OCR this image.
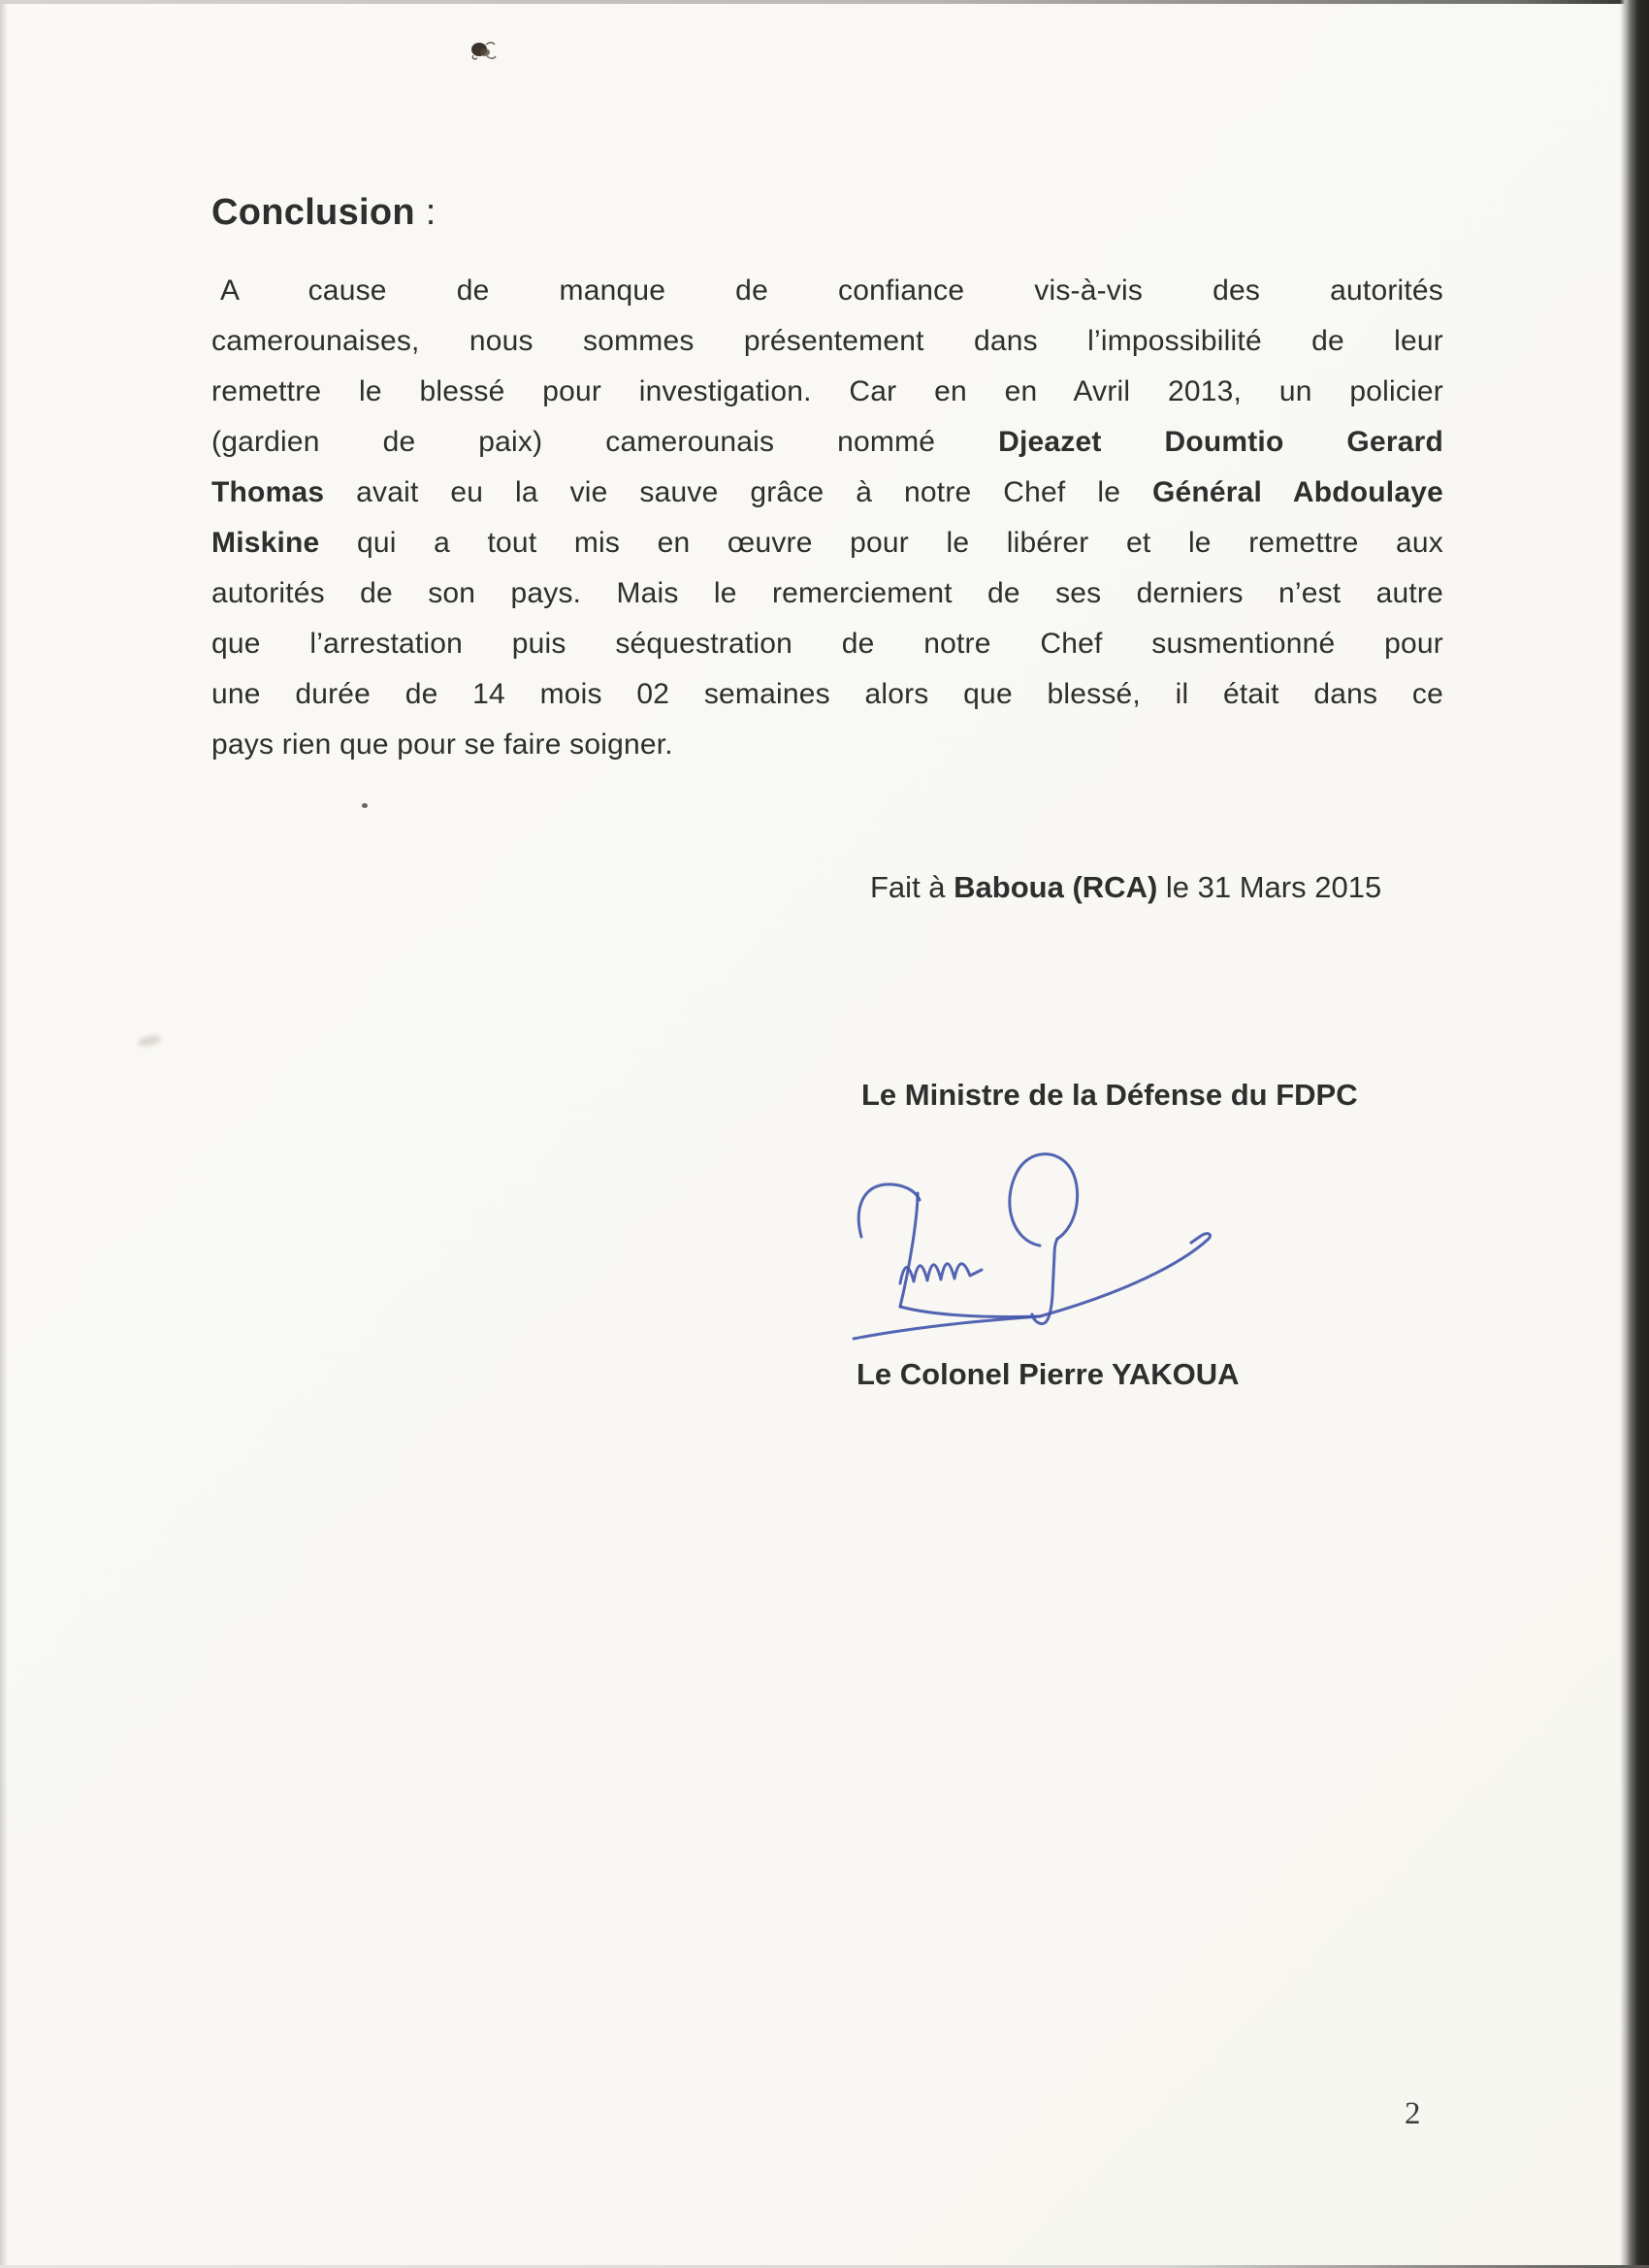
Conclusion :
A cause de manque de confiance vis-à-vis des autorités
camerounaises, nous sommes présentement dans l’impossibilité de leur
remettre le blessé pour investigation. Car en en Avril 2013, un policier
(gardien de paix) camerounais nommé Djeazet Doumtio Gerard
Thomas avait eu la vie sauve grâce à notre Chef le Général Abdoulaye
Miskine qui a tout mis en œuvre pour le libérer et le remettre aux
autorités de son pays. Mais le remerciement de ses derniers n’est autre
que l’arrestation puis séquestration de notre Chef susmentionné pour
une durée de 14 mois 02 semaines alors que blessé, il était dans ce
pays rien que pour se faire soigner.
Fait à Baboua (RCA) le 31 Mars 2015
Le Ministre de la Défense du FDPC
Le Colonel Pierre YAKOUA
2
